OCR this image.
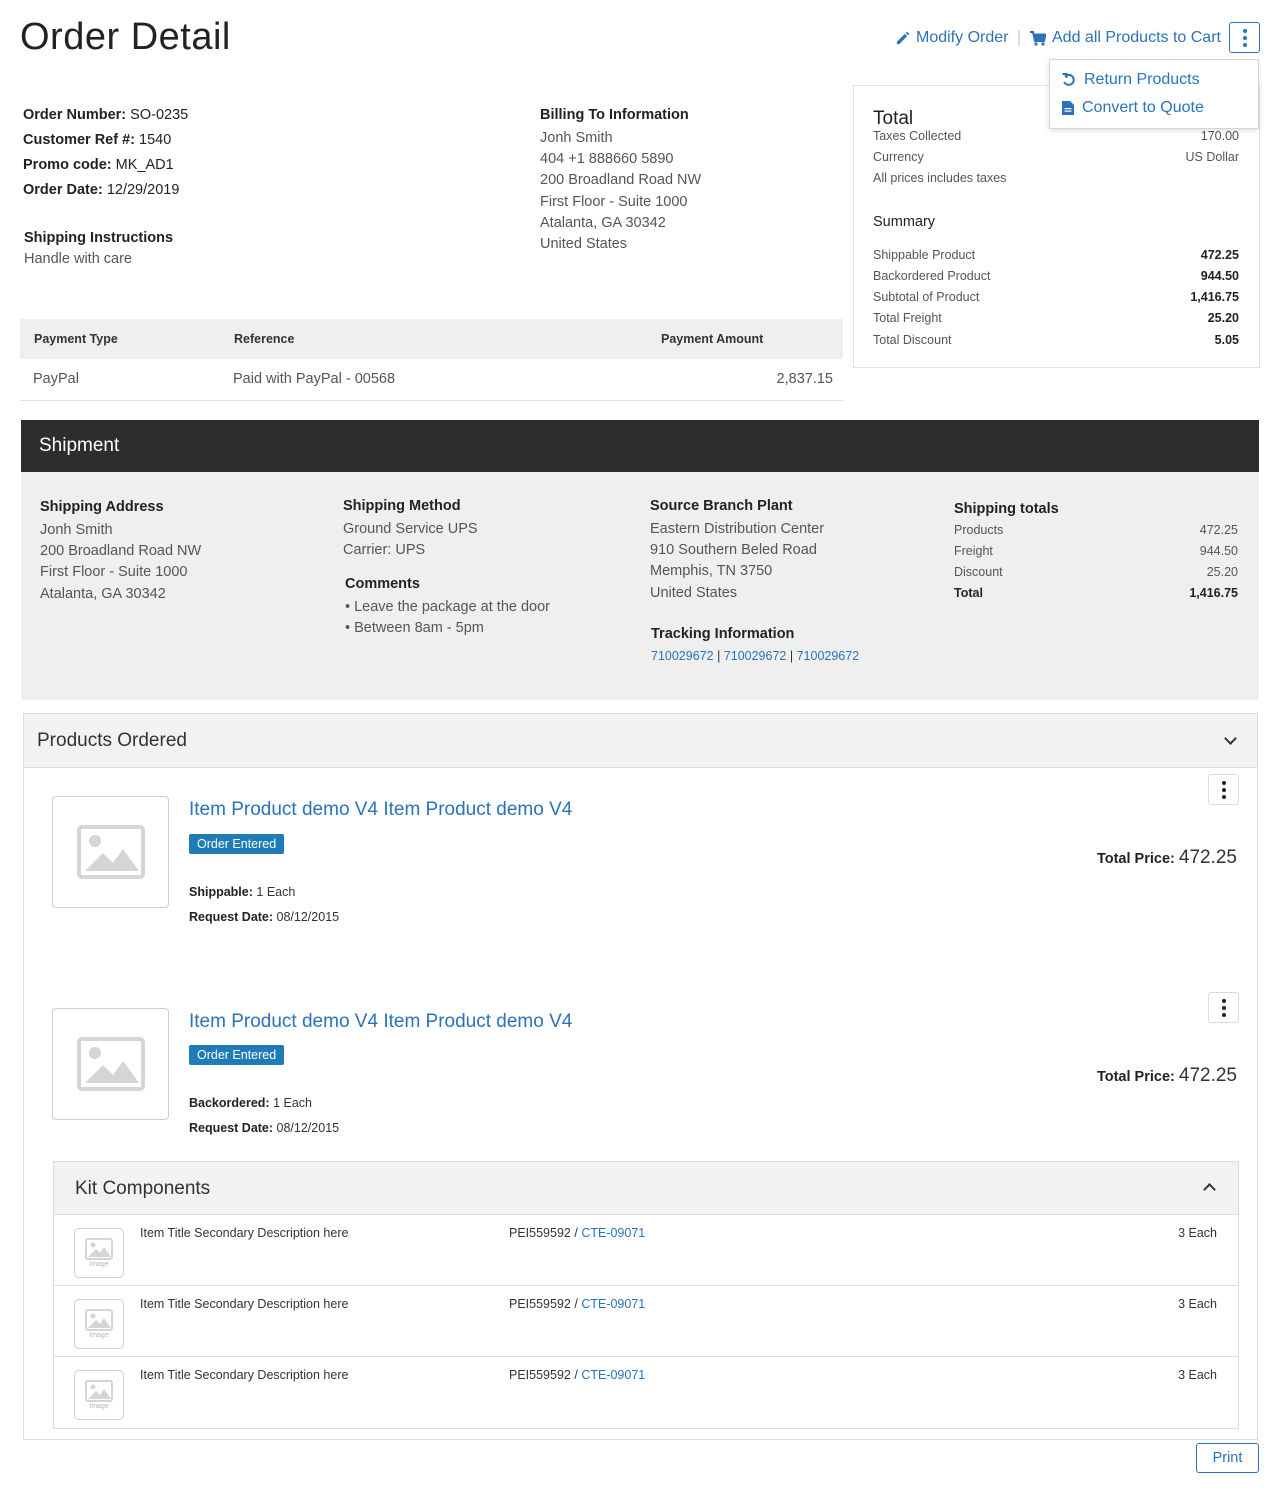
Order Detail	Modify Order | Add all Products to Cart
Return Products
Convert to Quote
Order Number: SO-0235
Customer Ref #: 1540
Promo code: MK_AD1
Order Date: 12/29/2019
Shipping Instructions
Handle with care
Billing To Information
Jonh Smith
404 +1 888660 5890
200 Broadland Road NW
First Floor - Suite 1000
Atalanta, GA 30342
United States
Total
Taxes Collected	170.00
Currency	US Dollar
All prices includes taxes
Summary
Shippable Product	472.25
Backordered Product	944.50
Subtotal of Product	1,416.75
Total Freight	25.20
Total Discount	5.05
Payment Type	Reference	Payment Amount
PayPal	Paid with PayPal - 00568	2,837.15
Shipment
Shipping Address
Jonh Smith
200 Broadland Road NW
First Floor - Suite 1000
Atalanta, GA 30342
Shipping Method
Ground Service UPS
Carrier: UPS
Comments
• Leave the package at the door
• Between 8am - 5pm
Source Branch Plant
Eastern Distribution Center
910 Southern Beled Road
Memphis, TN 3750
United States
Tracking Information
710029672 | 710029672 | 710029672
Shipping totals
Products	472.25
Freight	944.50
Discount	25.20
Total	1,416.75
Products Ordered
Item Product demo V4 Item Product demo V4
Order Entered
Shippable: 1 Each
Request Date: 08/12/2015
Total Price: 472.25
Item Product demo V4 Item Product demo V4
Order Entered
Backordered: 1 Each
Request Date: 08/12/2015
Total Price: 472.25
Kit Components
Image
Item Title Secondary Description here	PEI559592 / CTE-09071	3 Each
Image
Item Title Secondary Description here	PEI559592 / CTE-09071	3 Each
Image
Item Title Secondary Description here	PEI559592 / CTE-09071	3 Each
Print
